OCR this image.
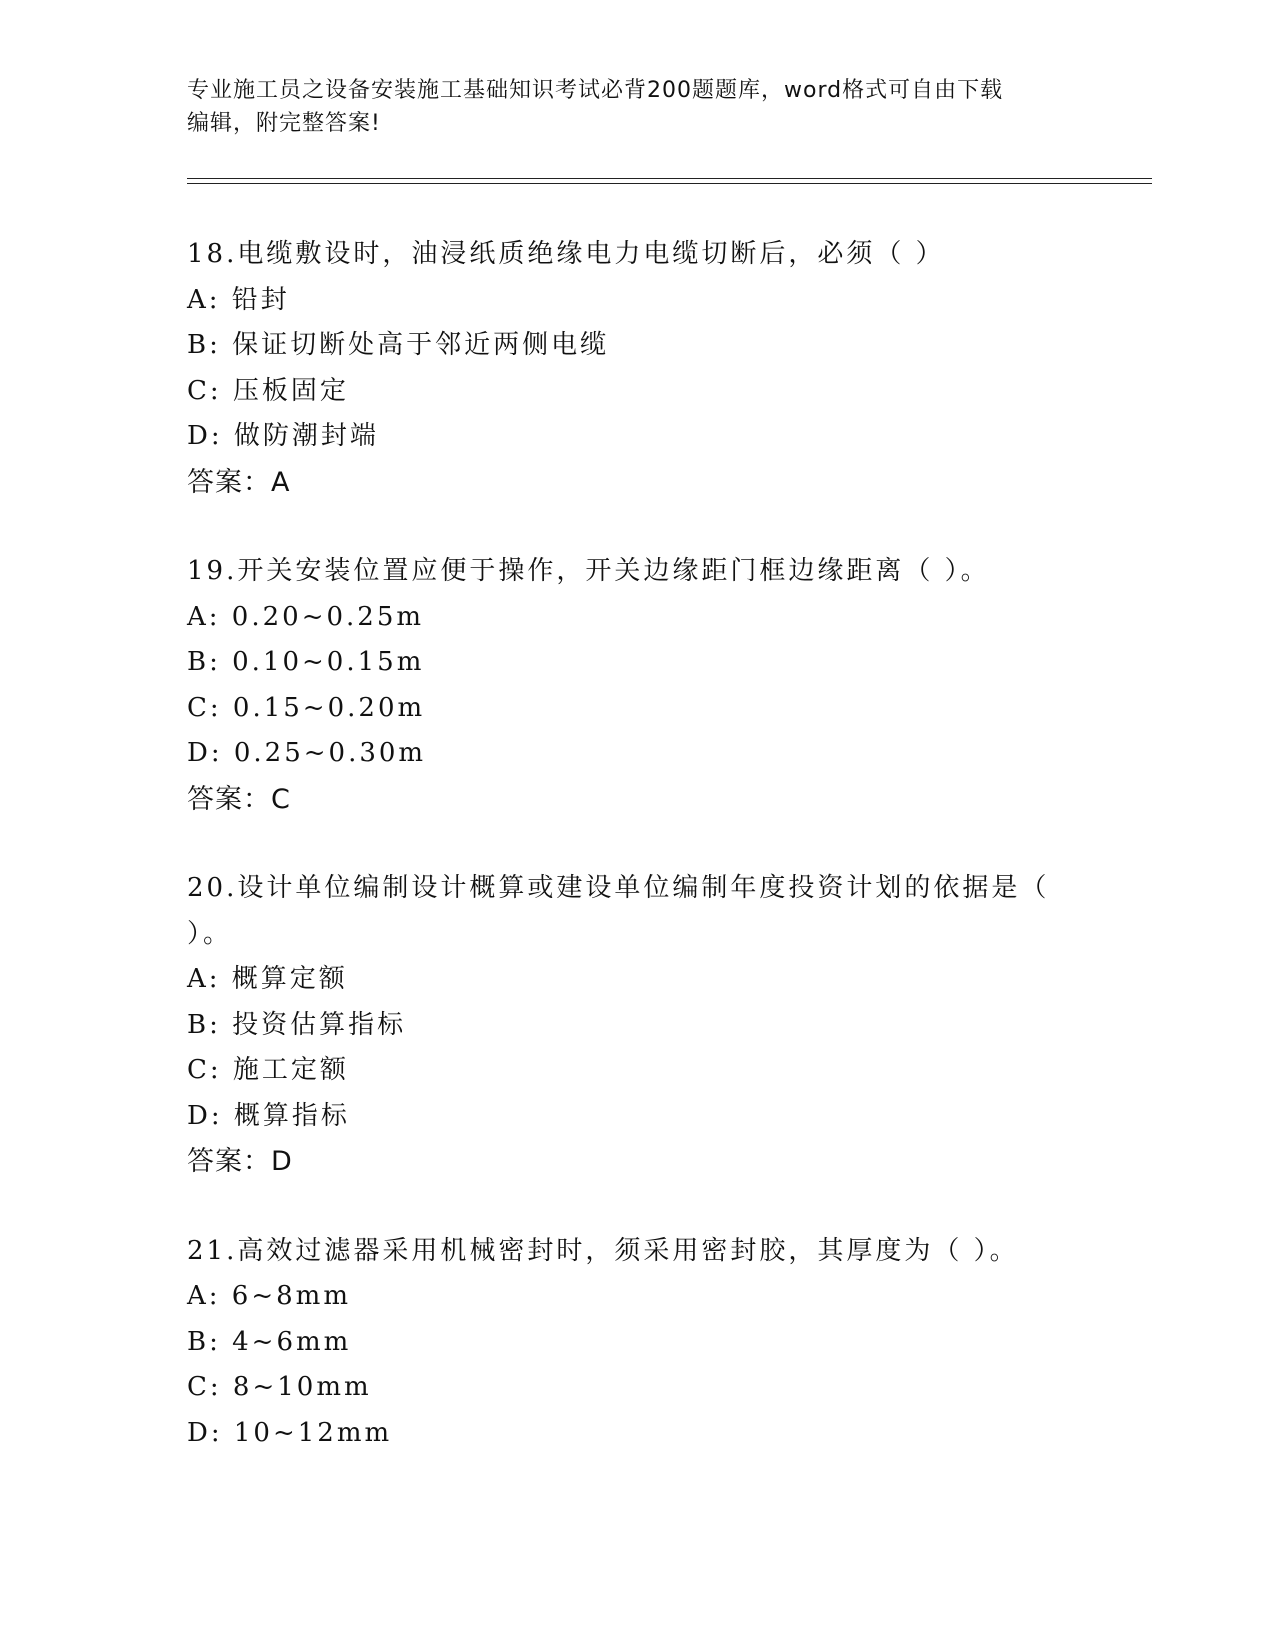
专业施工员之设备安装施工基础知识考试必背200题题库，word格式可自由下载
编辑，附完整答案!

18.电缆敷设时，油浸纸质绝缘电力电缆切断后，必须（ ）

A: 铅封

B: 保证切断处高于邻近两侧电缆

C: 压板固定

D: 做防潮封端

答案：A

19.开关安装位置应便于操作，开关边缘距门框边缘距离（ ）。

A: 0.20~0.25m

B: 0.10~0.15m

C: 0.15~0.20m

D: 0.25~0.30m

答案：C

20.设计单位编制设计概算或建设单位编制年度投资计划的依据是（ ）。

A: 概算定额

B: 投资估算指标

C: 施工定额

D: 概算指标

答案：D

21.高效过滤器采用机械密封时，须采用密封胶，其厚度为（ ）。

A: 6~8mm

B: 4~6mm

C: 8~10mm

D: 10~12mm
